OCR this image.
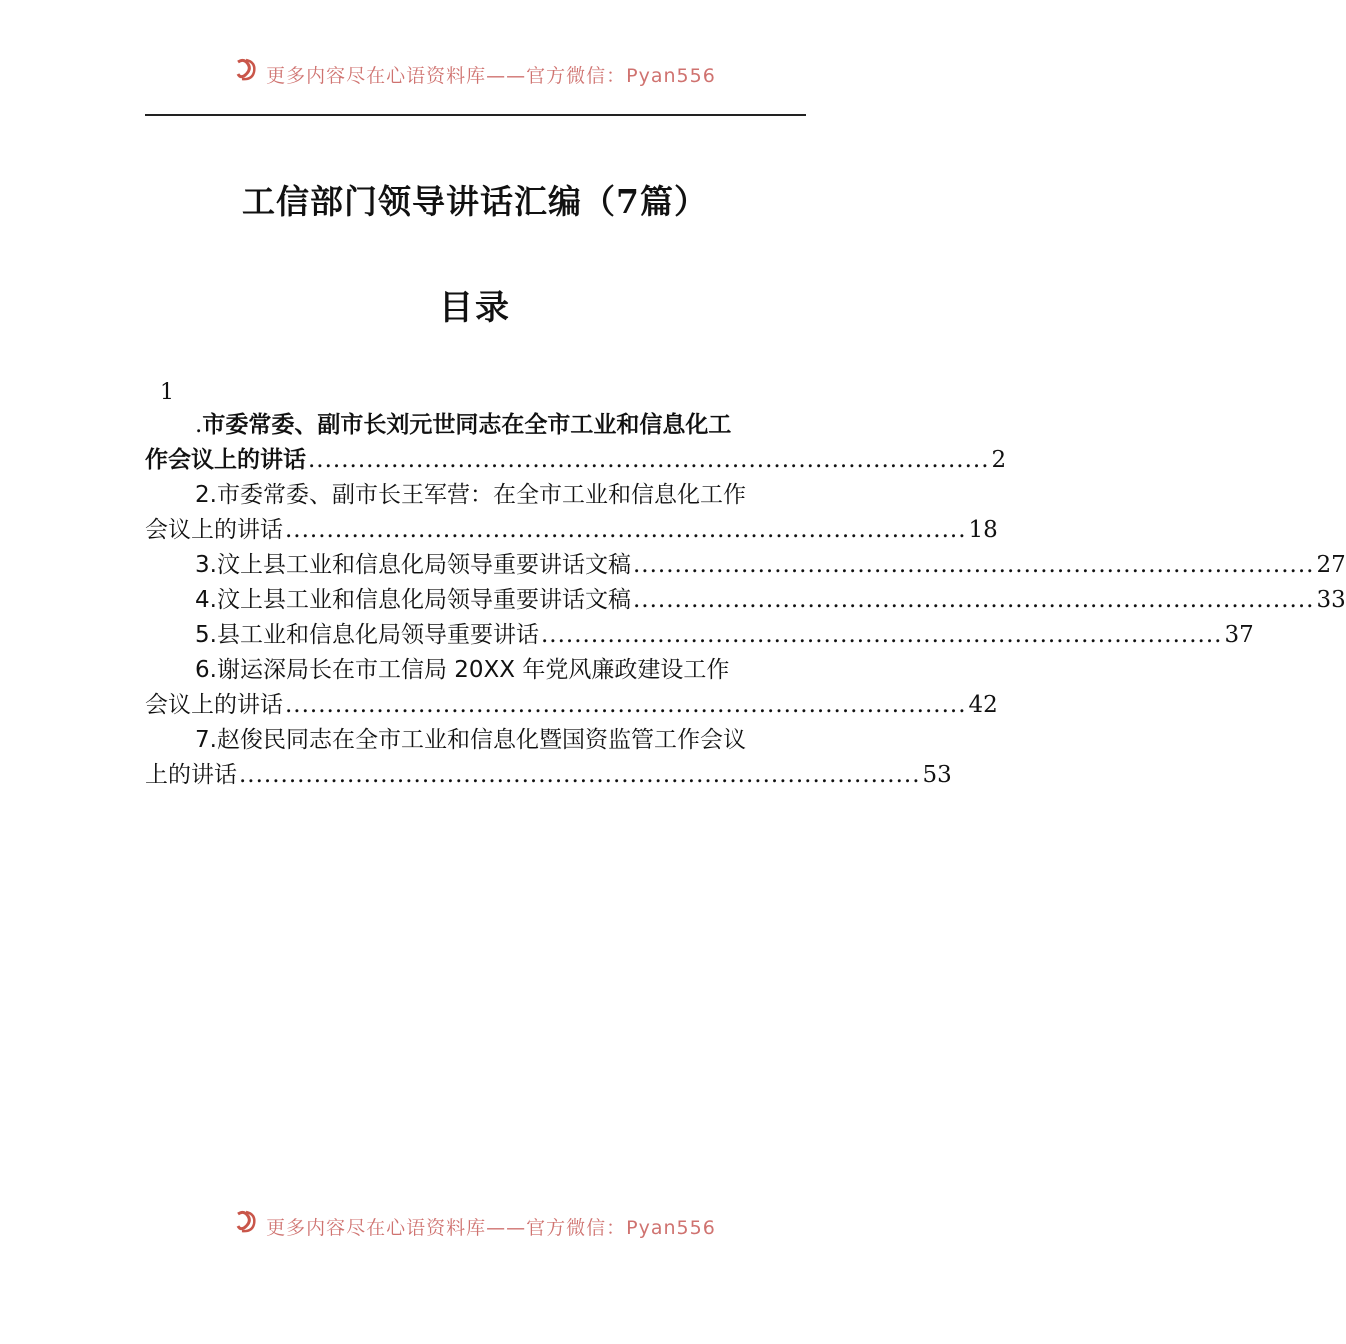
更多内容尽在心语资料库——官方微信：Pyan556
工信部门领导讲话汇编（7篇）
目录
1
.市委常委、副市长刘元世同志在全市工业和信息化工
作会议上的讲话 .................................................................................. 2
2.市委常委、副市长王军营：在全市工业和信息化工作
会议上的讲话 .................................................................................. 18
3.汶上县工业和信息化局领导重要讲话文稿 .................................................................................. 27
4.汶上县工业和信息化局领导重要讲话文稿 .................................................................................. 33
5.县工业和信息化局领导重要讲话 .................................................................................. 37
6.谢运深局长在市工信局 20XX 年党风廉政建设工作
会议上的讲话 .................................................................................. 42
7.赵俊民同志在全市工业和信息化暨国资监管工作会议
上的讲话 .................................................................................. 53
更多内容尽在心语资料库——官方微信：Pyan556
